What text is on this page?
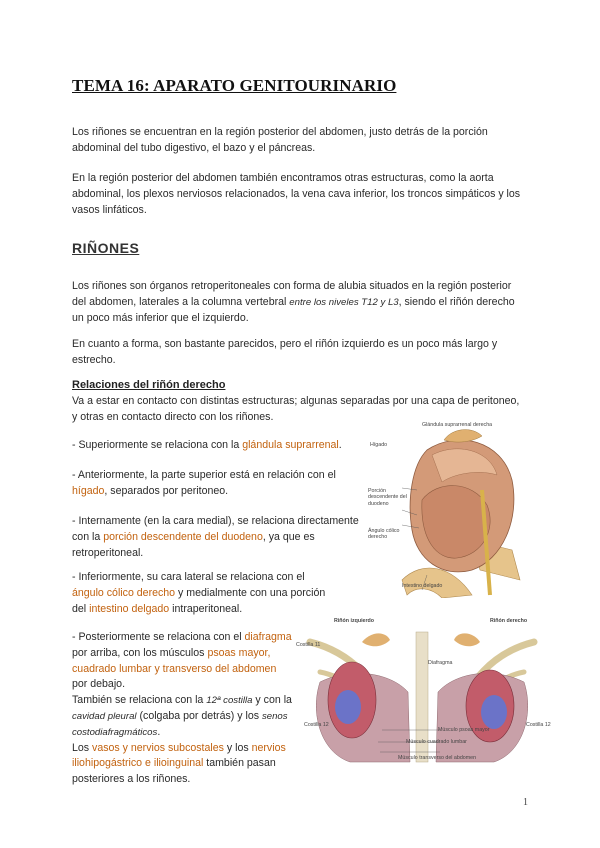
TEMA 16: APARATO GENITOURINARIO
Los riñones se encuentran en la región posterior del abdomen, justo detrás de la porción abdominal del tubo digestivo, el bazo y el páncreas.
En la región posterior del abdomen también encontramos otras estructuras, como la aorta abdominal, los plexos nerviosos relacionados, la vena cava inferior, los troncos simpáticos y los vasos linfáticos.
RIÑONES
Los riñones son órganos retroperitoneales con forma de alubia situados en la región posterior del abdomen, laterales a la columna vertebral entre los niveles T12 y L3, siendo el riñón derecho un poco más inferior que el izquierdo.
En cuanto a forma, son bastante parecidos, pero el riñón izquierdo es un poco más largo y estrecho.
Relaciones del riñón derecho
Va a estar en contacto con distintas estructuras; algunas separadas por una capa de peritoneo, y otras en contacto directo con los riñones.
- Superiormente se relaciona con la glándula suprarrenal.
- Anteriormente, la parte superior está en relación con el hígado, separados por peritoneo.
- Internamente (en la cara medial), se relaciona directamente con la porción descendente del duodeno, ya que es retroperitoneal.
- Inferiormente, su cara lateral se relaciona con el ángulo cólico derecho y medialmente con una porción del intestino delgado intraperitoneal.
- Posteriormente se relaciona con el diafragma por arriba, con los músculos psoas mayor, cuadrado lumbar y transverso del abdomen por debajo.
También se relaciona con la 12ª costilla y con la cavidad pleural (colgaba por detrás) y los senos costodiafragmáticos.
Los vasos y nervios subcostales y los nervios iliohipogástrico e ilioinguinal también pasan posteriores a los riñones.
Glándula suprarrenal derecha
Hígado
Porción descendente del duodeno
Ángulo cólico derecho
Intestino delgado
Riñón izquierdo	Riñón derecho
Costilla 11
Diafragma
Costilla 12	Costilla 12
Músculo psoas mayor
Músculo cuadrado lumbar
Músculo transverso del abdomen
1
